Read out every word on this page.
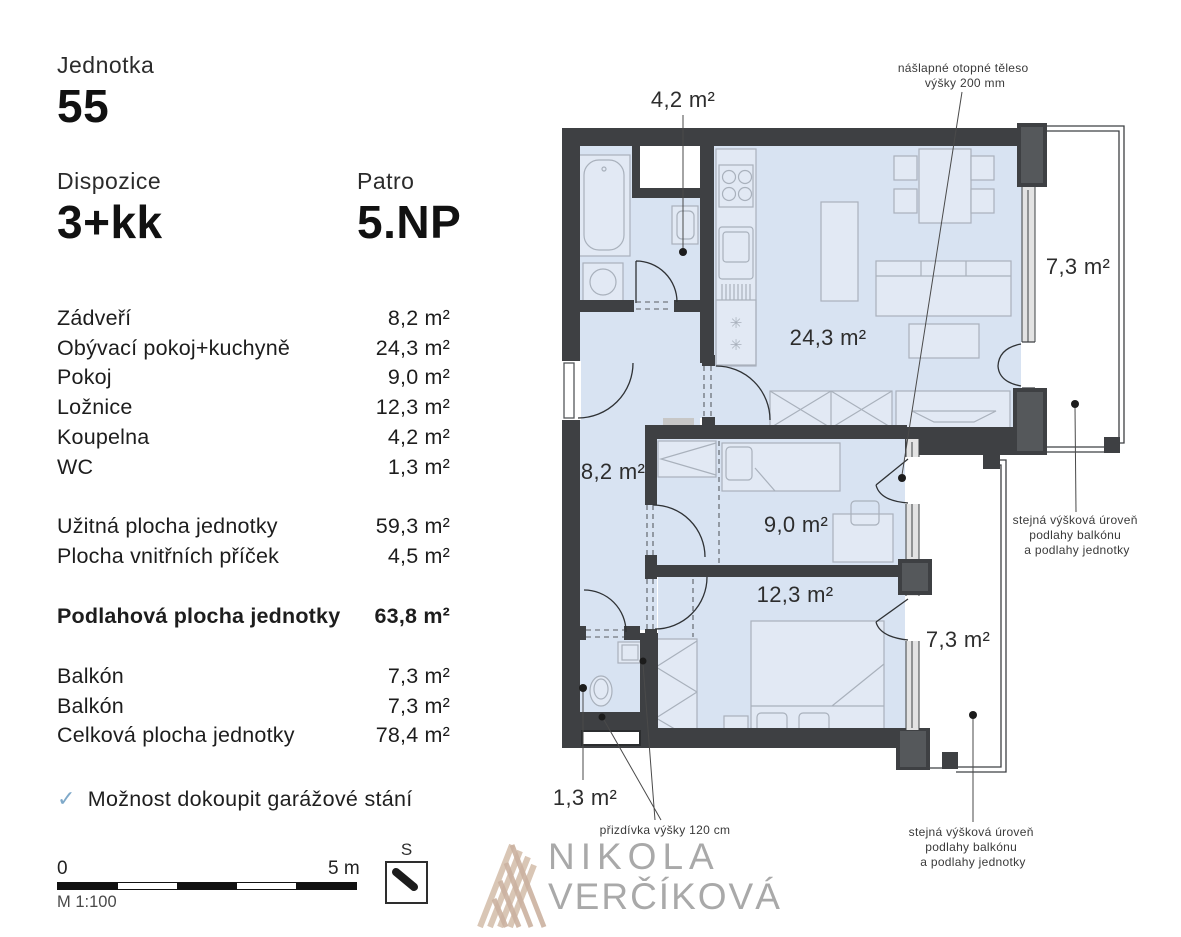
Jednotka
55
Dispozice
3+kk
Patro
5.NP
Zádveří	8,2 m²
Obývací pokoj+kuchyně	24,3 m²
Pokoj	9,0 m²
Ložnice	12,3 m²
Koupelna	4,2 m²
WC	1,3 m²
Užitná plocha jednotky	59,3 m²
Plocha vnitřních příček	4,5 m²
Podlahová plocha jednotky 63,8 m²
Balkón	7,3 m²
Balkón	7,3 m²
Celková plocha jednotky	78,4 m²
✓ Možnost dokoupit garážové stání
0	5 m
M 1:100
S	NIKOLA
VERČÍKOVÁ
✳
✳
4,2 m²
24,3 m²
7,3 m²
8,2 m²
9,0 m²
12,3 m²
7,3 m²
1,3 m²
nášlapné otopné těleso výšky 200 mm
stejná výšková úroveň podlahy balkónu a podlahy jednotky
stejná výšková úroveň podlahy balkónu a podlahy jednotky
přizdívka výšky 120 cm
